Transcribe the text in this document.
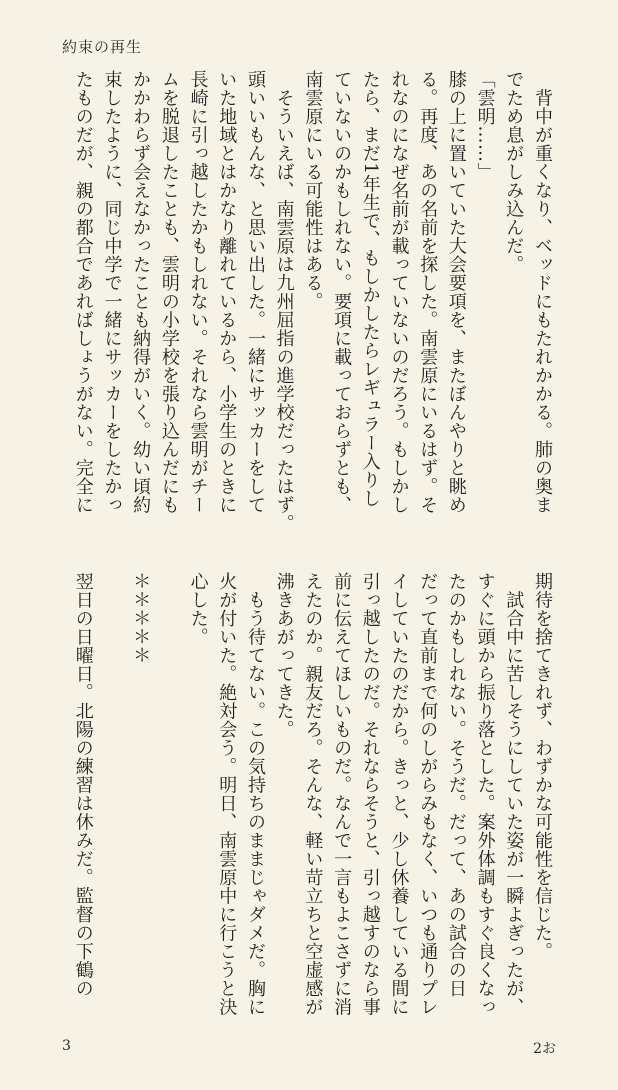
約束の再生

　背中が重くなり、ベッドにもたれかかる。肺の奥ま

でため息がしみ込んだ。

「雲明……」

膝の上に置いていた大会要項を、またぼんやりと眺め

る。再度、あの名前を探した。南雲原にいるはず。そ

れなのになぜ名前が載っていないのだろう。もしかし

たら、まだ1年生で、もしかしたらレギュラー入りし

ていないのかもしれない。要項に載っておらずとも、

南雲原にいる可能性はある。

　そういえば、南雲原は九州屈指の進学校だったはず。

頭いいもんな、と思い出した。一緒にサッカーをして

いた地域とはかなり離れているから、小学生のときに

長崎に引っ越したかもしれない。それなら雲明がチー

ムを脱退したことも、雲明の小学校を張り込んだにも

かかわらず会えなかったことも納得がいく。幼い頃約

束したように、同じ中学で一緒にサッカーをしたかっ

たものだが、親の都合であればしょうがない。完全に

期待を捨てきれず、わずかな可能性を信じた。

　試合中に苦しそうにしていた姿が一瞬よぎったが、

すぐに頭から振り落とした。案外体調もすぐ良くなっ

たのかもしれない。そうだ。だって、あの試合の日

だって直前まで何のしがらみもなく、いつも通りプレ

イしていたのだから。きっと、少し休養している間に

引っ越したのだ。それならそうと、引っ越すのなら事

前に伝えてほしいものだ。なんで一言もよこさずに消

えたのか。親友だろ。そんな、軽い苛立ちと空虚感が

沸きあがってきた。

　もう待てない。この気持ちのままじゃダメだ。胸に

火が付いた。絶対会う。明日、南雲原中に行こうと決

心した。

＊＊＊＊＊

翌日の日曜日。北陽の練習は休みだ。監督の下鶴の

3	2お
